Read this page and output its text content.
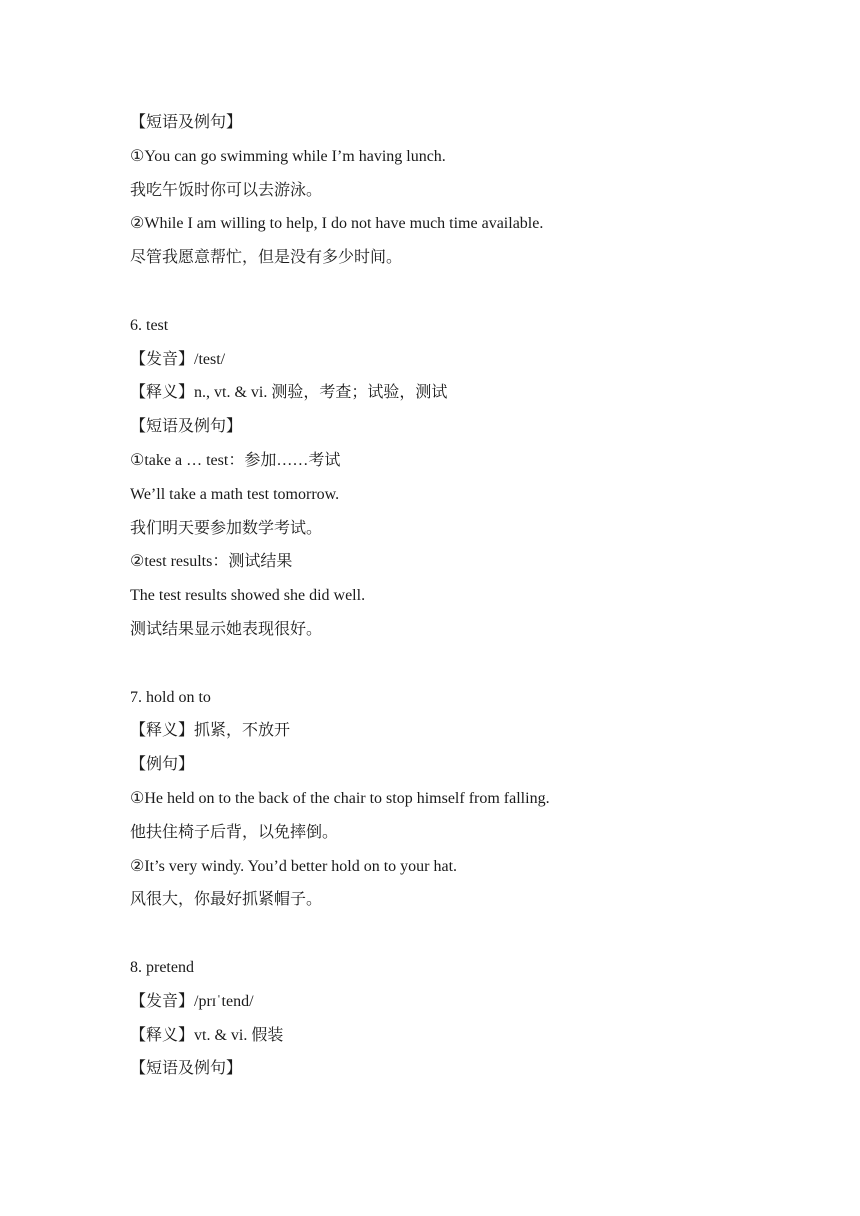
【短语及例句】
①You can go swimming while I’m having lunch.
我吃午饭时你可以去游泳。
②While I am willing to help, I do not have much time available.
尽管我愿意帮忙，但是没有多少时间。
6. test
【发音】/test/
【释义】n., vt. & vi. 测验，考查；试验，测试
【短语及例句】
①take a … test：参加……考试
We’ll take a math test tomorrow.
我们明天要参加数学考试。
②test results：测试结果
The test results showed she did well.
测试结果显示她表现很好。
7. hold on to
【释义】抓紧，不放开
【例句】
①He held on to the back of the chair to stop himself from falling.
他扶住椅子后背，以免摔倒。
②It’s very windy. You’d better hold on to your hat.
风很大，你最好抓紧帽子。
8. pretend
【发音】/prɪˈtend/
【释义】vt. & vi. 假装
【短语及例句】
